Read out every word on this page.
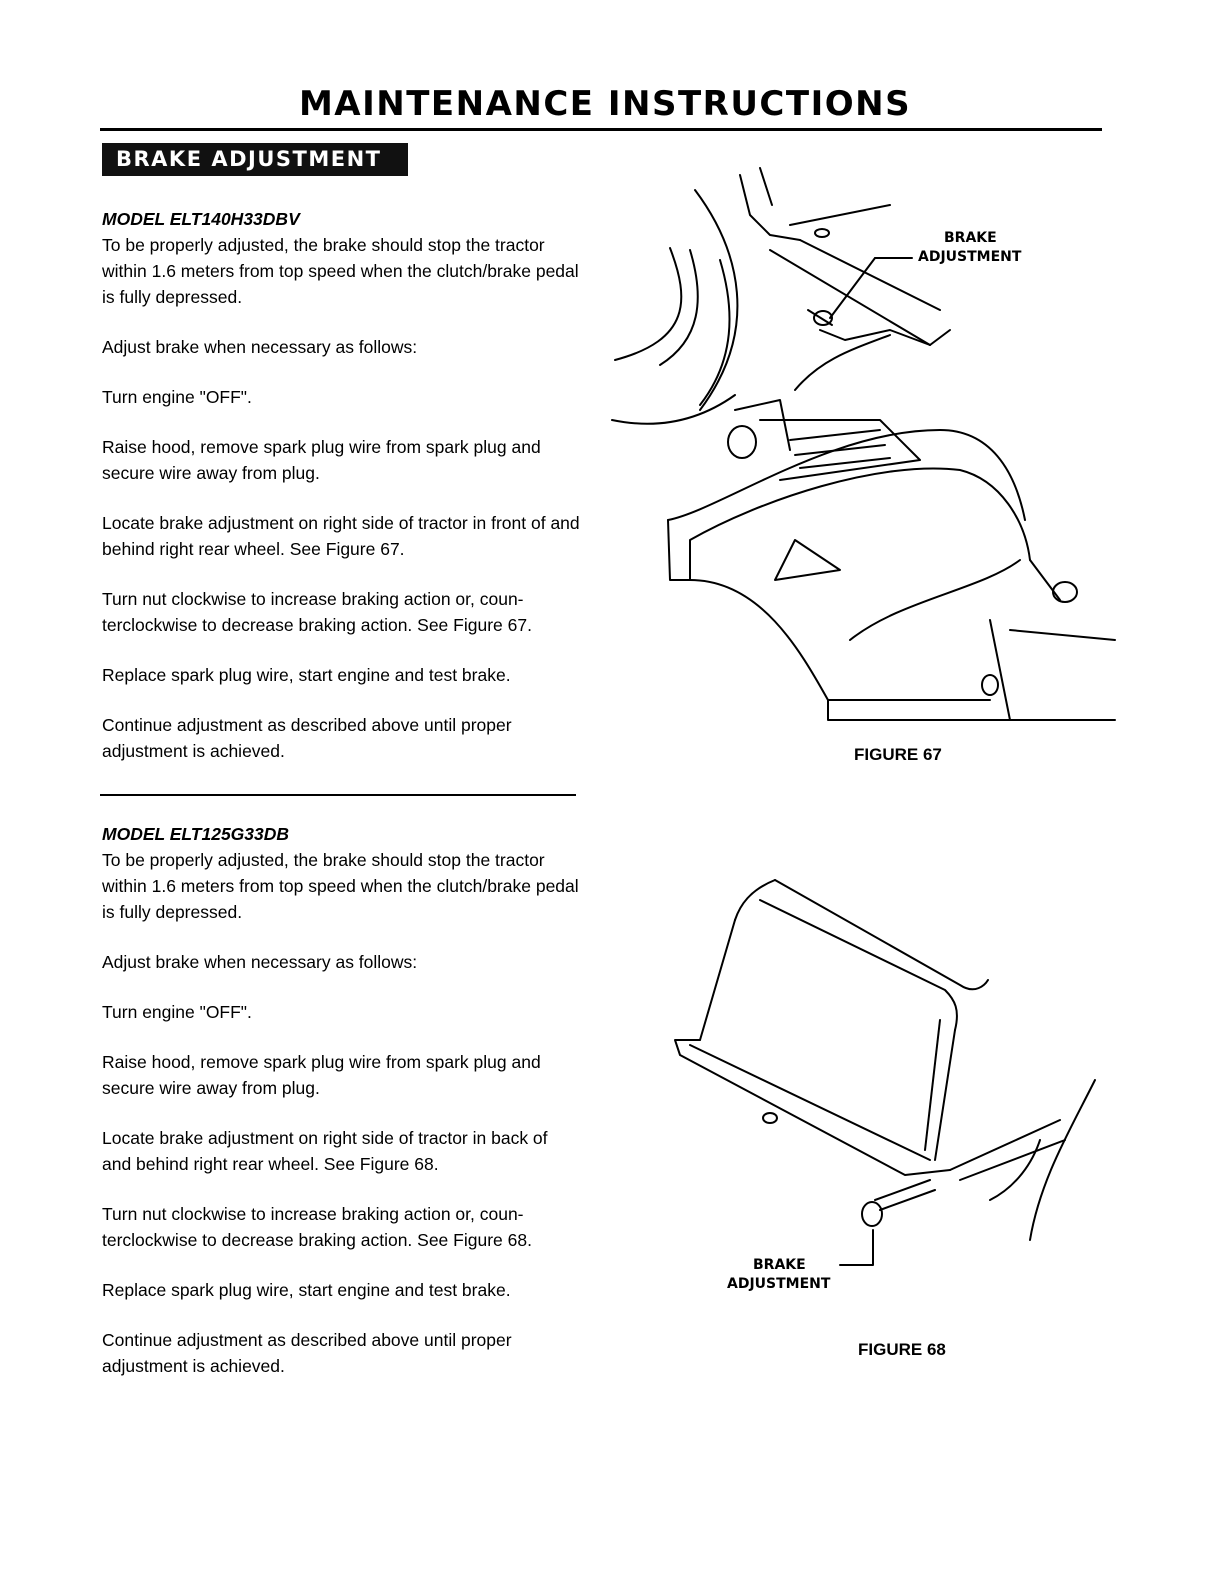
MAINTENANCE INSTRUCTIONS
BRAKE ADJUSTMENT
MODEL ELT140H33DBV

To be properly adjusted, the brake should stop the tractor within 1.6 meters from top speed when the clutch/brake pedal is fully depressed.

Adjust brake when necessary as follows:

Turn engine "OFF".

Raise hood, remove spark plug wire from spark plug and secure wire away from plug.

Locate brake adjustment on right side of tractor in front of and behind right rear wheel. See Figure 67.

Turn nut clockwise to increase braking action or, coun-terclockwise to decrease braking action. See Figure 67.

Replace spark plug wire, start engine and test brake.

Continue adjustment as described above until proper adjustment is achieved.

MODEL ELT125G33DB

To be properly adjusted, the brake should stop the tractor within 1.6 meters from top speed when the clutch/brake pedal is fully depressed.

Adjust brake when necessary as follows:

Turn engine "OFF".

Raise hood, remove spark plug wire from spark plug and secure wire away from plug.

Locate brake adjustment on right side of tractor in back of and behind right rear wheel. See Figure 68.

Turn nut clockwise to increase braking action or, coun-terclockwise to decrease braking action. See Figure 68.

Replace spark plug wire, start engine and test brake.

Continue adjustment as described above until proper adjustment is achieved.

BRAKE
ADJUSTMENT
FIGURE 67
BRAKE
ADJUSTMENT
FIGURE 68
